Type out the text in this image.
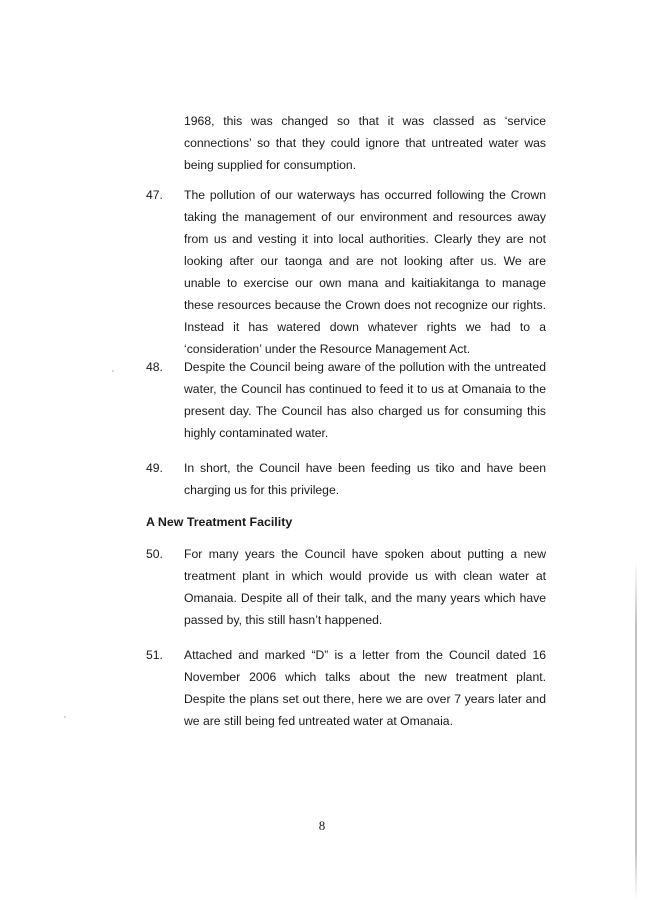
1968, this was changed so that it was classed as ‘service connections’ so that they could ignore that untreated water was being supplied for consumption.
47. The pollution of our waterways has occurred following the Crown taking the management of our environment and resources away from us and vesting it into local authorities. Clearly they are not looking after our taonga and are not looking after us. We are unable to exercise our own mana and kaitiakitanga to manage these resources because the Crown does not recognize our rights. Instead it has watered down whatever rights we had to a ‘consideration’ under the Resource Management Act.
48. Despite the Council being aware of the pollution with the untreated water, the Council has continued to feed it to us at Omanaia to the present day. The Council has also charged us for consuming this highly contaminated water.
49. In short, the Council have been feeding us tiko and have been charging us for this privilege.
A New Treatment Facility
50. For many years the Council have spoken about putting a new treatment plant in which would provide us with clean water at Omanaia. Despite all of their talk, and the many years which have passed by, this still hasn’t happened.
51. Attached and marked “D” is a letter from the Council dated 16 November 2006 which talks about the new treatment plant. Despite the plans set out there, here we are over 7 years later and we are still being fed untreated water at Omanaia.
8
